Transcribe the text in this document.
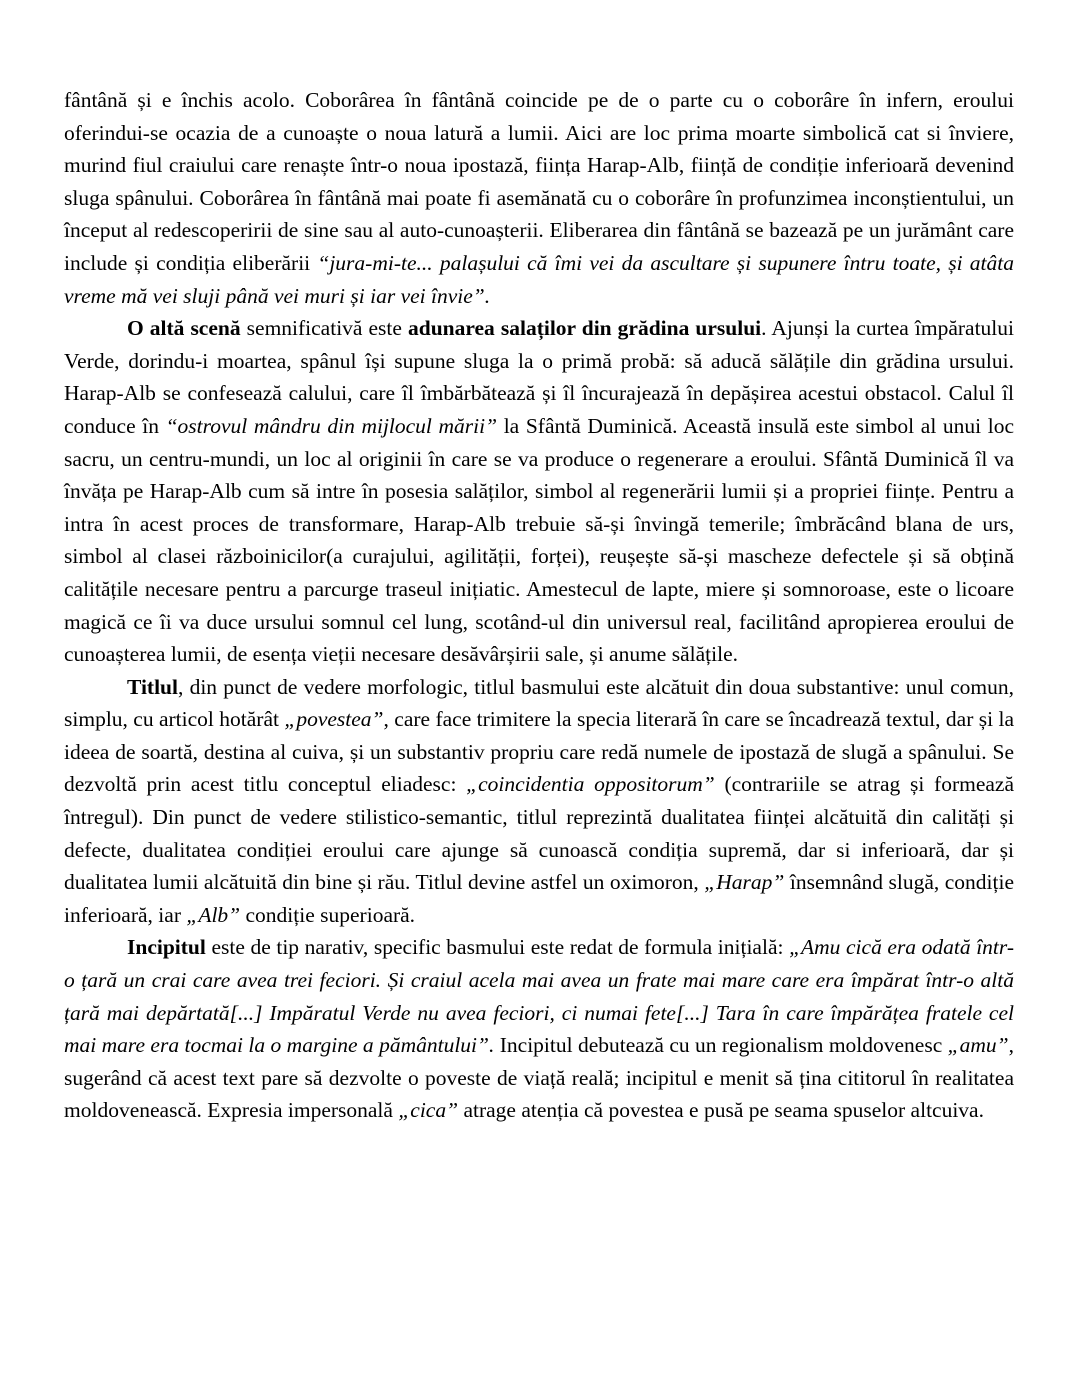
fântână și e închis acolo. Coborârea în fântână coincide pe de o parte cu o coborâre în infern, eroului oferindui-se ocazia de a cunoaște o noua latură a lumii. Aici are loc prima moarte simbolică cat si înviere, murind fiul craiului care renaște într-o noua ipostază, ființa Harap-Alb, ființă de condiție inferioară devenind sluga spânului. Coborârea în fântână mai poate fi asemănată cu o coborâre în profunzimea inconștientului, un început al redescoperirii de sine sau al auto-cunoașterii. Eliberarea din fântână se bazează pe un jurământ care include și condiția eliberării “jura-mi-te... palașului că îmi vei da ascultare și supunere întru toate, și atâta vreme mă vei sluji până vei muri și iar vei învie”.

O altă scenă semnificativă este adunarea salaților din grădina ursului. Ajunși la curtea împăratului Verde, dorindu-i moartea, spânul își supune sluga la o primă probă: să aducă sălățile din grădina ursului. Harap-Alb se confesează calului, care îl îmbărbătează și îl încurajează în depășirea acestui obstacol. Calul îl conduce în “ostrovul mândru din mijlocul mării” la Sfântă Duminică. Această insulă este simbol al unui loc sacru, un centru-mundi, un loc al originii în care se va produce o regenerare a eroului. Sfântă Duminică îl va învăța pe Harap-Alb cum să intre în posesia salăților, simbol al regenerării lumii și a propriei ființe. Pentru a intra în acest proces de transformare, Harap-Alb trebuie să-și învingă temerile; îmbrăcând blana de urs, simbol al clasei războinicilor(a curajului, agilității, forței), reușește să-și mascheze defectele și să obțină calitățile necesare pentru a parcurge traseul inițiatic. Amestecul de lapte, miere și somnoroase, este o licoare magică ce îi va duce ursului somnul cel lung, scotând-ul din universul real, facilitând apropierea eroului de cunoașterea lumii, de esența vieții necesare desăvârșirii sale, și anume sălățile.

Titlul, din punct de vedere morfologic, titlul basmului este alcătuit din doua substantive: unul comun, simplu, cu articol hotărât „povestea”, care face trimitere la specia literară în care se încadrează textul, dar și la ideea de soartă, destina al cuiva, și un substantiv propriu care redă numele de ipostază de slugă a spânului. Se dezvoltă prin acest titlu conceptul eliadesc: „coincidentia oppositorum” (contrariile se atrag și formează întregul). Din punct de vedere stilistico-semantic, titlul reprezintă dualitatea ființei alcătuită din calități și defecte, dualitatea condiției eroului care ajunge să cunoască condiția supremă, dar si inferioară, dar și dualitatea lumii alcătuită din bine și rău. Titlul devine astfel un oximoron, „Harap” însemnând slugă, condiție inferioară, iar „Alb” condiție superioară.

Incipitul este de tip narativ, specific basmului este redat de formula inițială: „Amu cică era odată într-o țară un crai care avea trei feciori. Și craiul acela mai avea un frate mai mare care era împărat într-o altă țară mai depărtată[...] Impăratul Verde nu avea feciori, ci numai fete[...] Tara în care împărățea fratele cel mai mare era tocmai la o margine a pământului”. Incipitul debutează cu un regionalism moldovenesc „amu”, sugerând că acest text pare să dezvolte o poveste de viață reală; incipitul e menit să țina cititorul în realitatea moldovenească. Expresia impersonală „cica” atrage atenția că povestea e pusă pe seama spuselor altcuiva.
